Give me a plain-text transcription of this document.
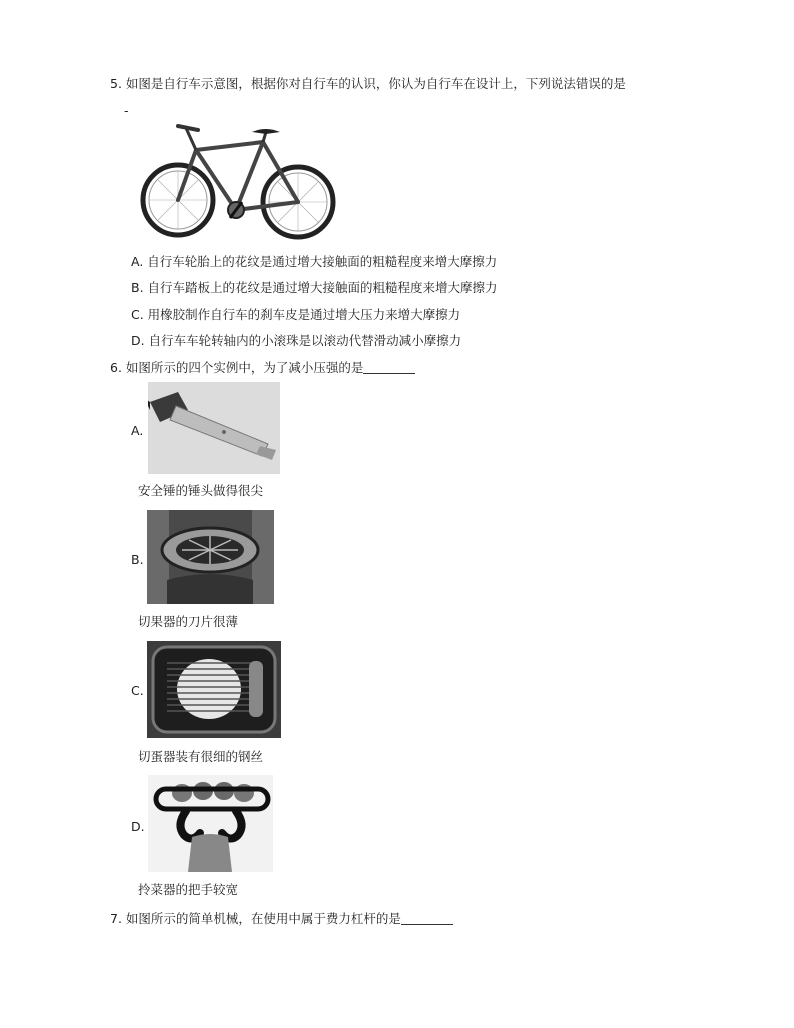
5. 如图是自行车示意图，根据你对自行车的认识，你认为自行车在设计上，下列说法错误的是
-
A. 自行车轮胎上的花纹是通过增大接触面的粗糙程度来增大摩擦力
B. 自行车踏板上的花纹是通过增大接触面的粗糙程度来增大摩擦力
C. 用橡胶制作自行车的刹车皮是通过增大压力来增大摩擦力
D. 自行车车轮转轴内的小滚珠是以滚动代替滑动减小摩擦力
6. 如图所示的四个实例中，为了减小压强的是
A.
安全锤的锤头做得很尖
B.
切果器的刀片很薄
C.
切蛋器装有很细的钢丝
D.
拎菜器的把手较宽
7. 如图所示的简单机械，在使用中属于费力杠杆的是
